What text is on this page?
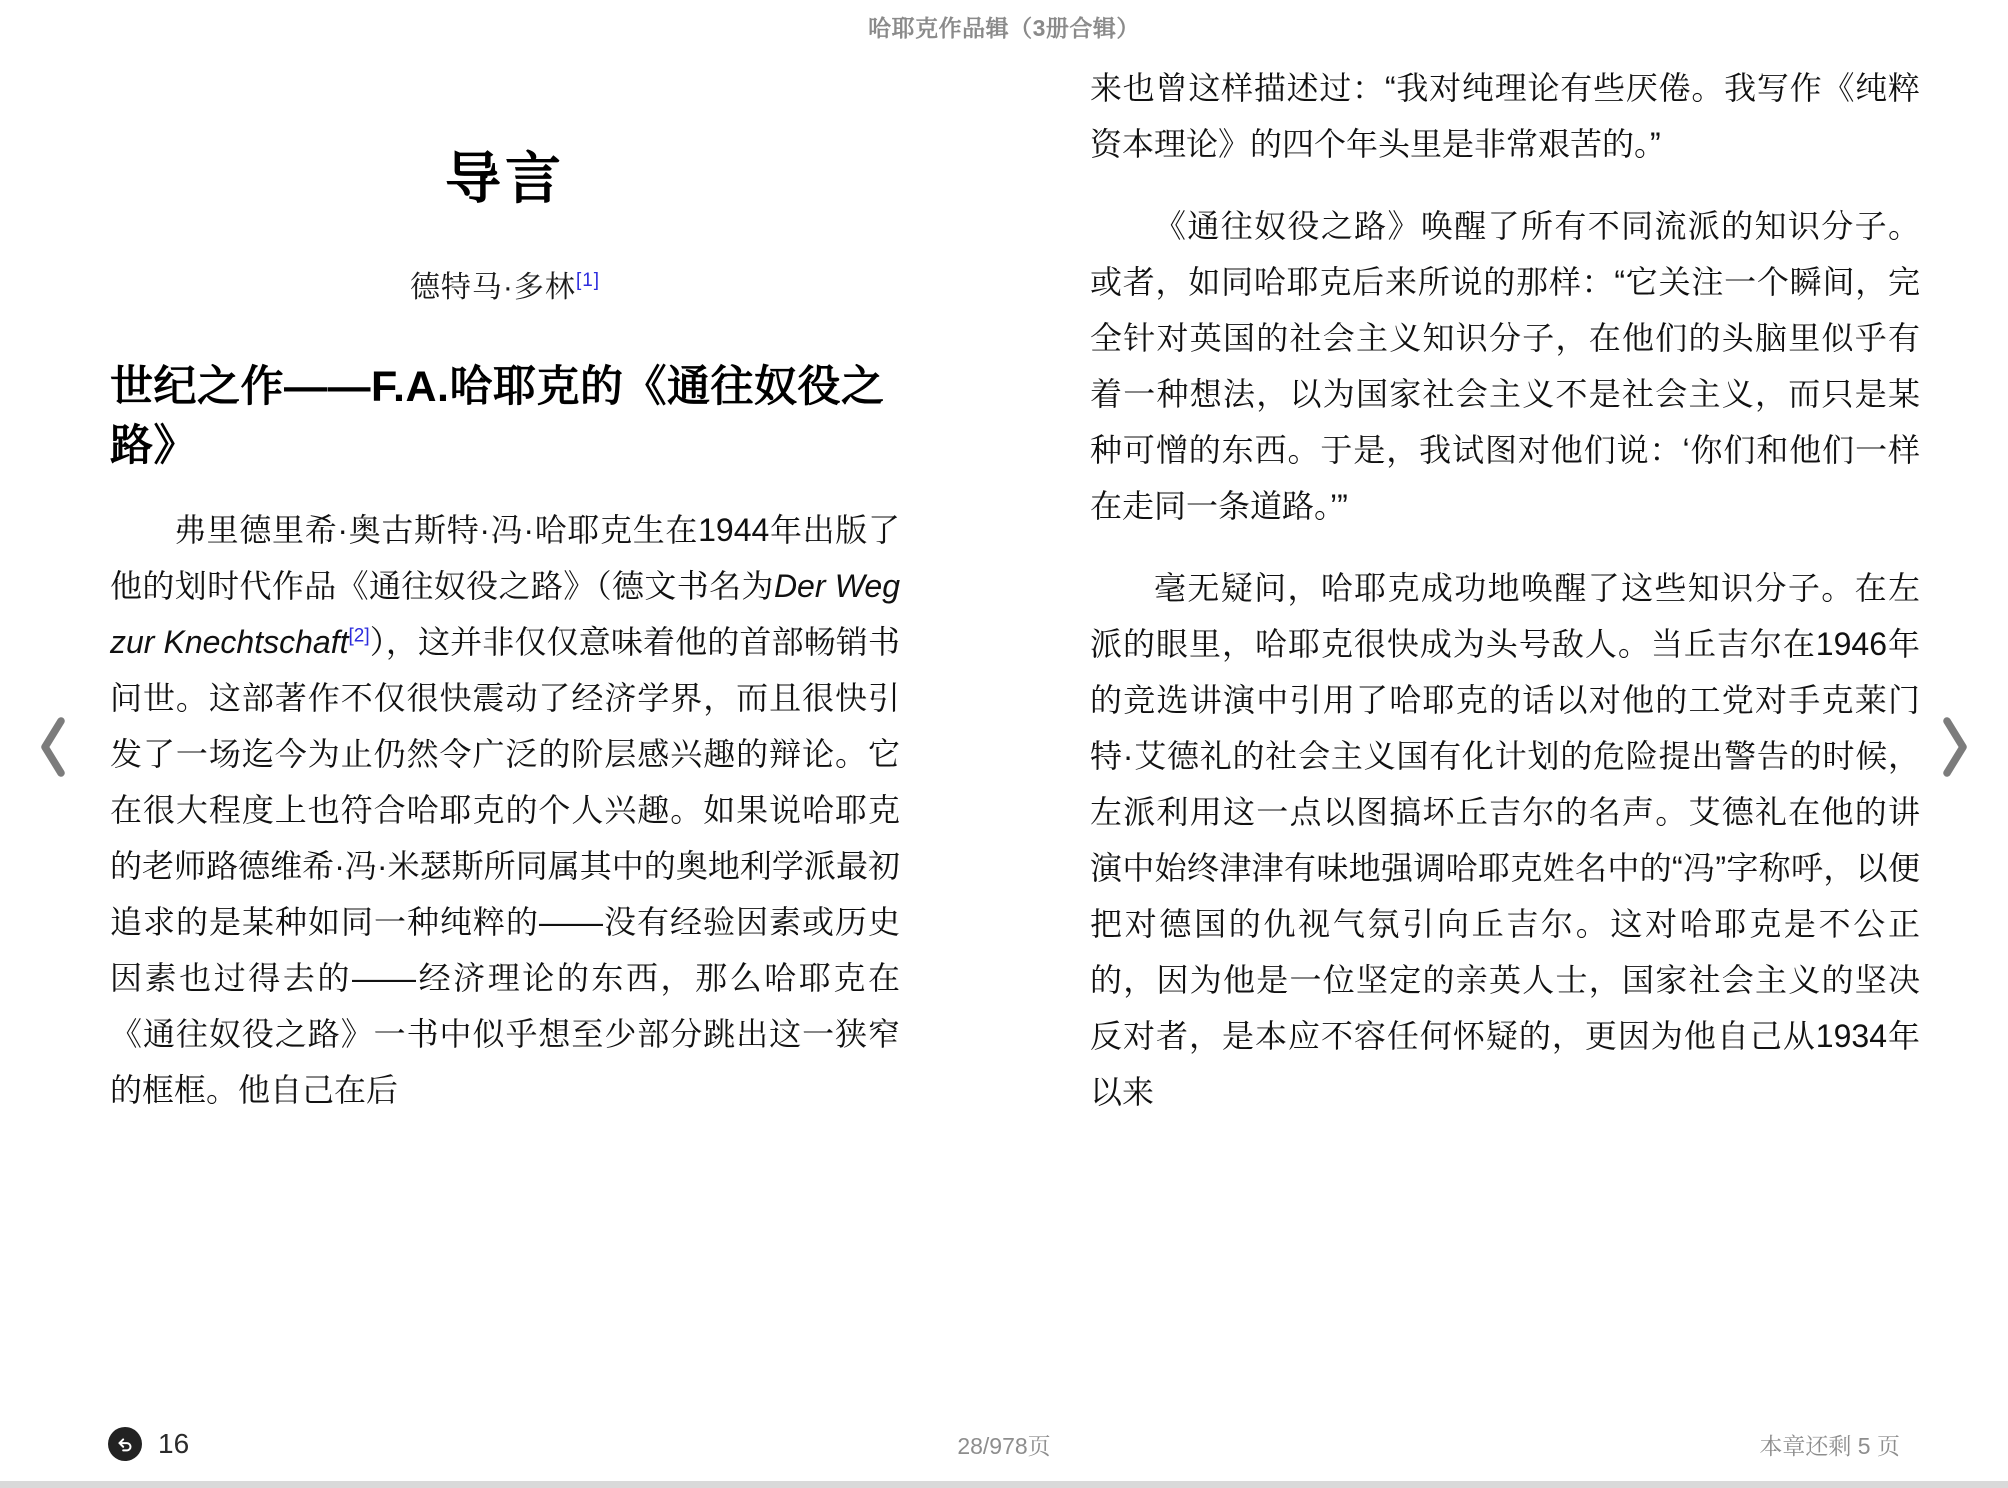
哈耶克作品辑（3册合辑）
导言
德特马·多林[1]
世纪之作——F.A.哈耶克的《通往奴役之路》

弗里德里希·奥古斯特·冯·哈耶克生在1944年出版了他的划时代作品《通往奴役之路》（德文书名为Der Weg zur Knechtschaft[2]），这并非仅仅意味着他的首部畅销书问世。这部著作不仅很快震动了经济学界，而且很快引发了一场迄今为止仍然令广泛的阶层感兴趣的辩论。它在很大程度上也符合哈耶克的个人兴趣。如果说哈耶克的老师路德维希·冯·米瑟斯所同属其中的奥地利学派最初追求的是某种如同一种纯粹的——没有经验因素或历史因素也过得去的——经济理论的东西，那么哈耶克在《通往奴役之路》一书中似乎想至少部分跳出这一狭窄的框框。他自己在后

来也曾这样描述过：“我对纯理论有些厌倦。我写作《纯粹资本理论》的四个年头里是非常艰苦的。”

《通往奴役之路》唤醒了所有不同流派的知识分子。或者，如同哈耶克后来所说的那样：“它关注一个瞬间，完全针对英国的社会主义知识分子，在他们的头脑里似乎有着一种想法，以为国家社会主义不是社会主义，而只是某种可憎的东西。于是，我试图对他们说：‘你们和他们一样在走同一条道路。’”

毫无疑问，哈耶克成功地唤醒了这些知识分子。在左派的眼里，哈耶克很快成为头号敌人。当丘吉尔在1946年的竞选讲演中引用了哈耶克的话以对他的工党对手克莱门特·艾德礼的社会主义国有化计划的危险提出警告的时候，左派利用这一点以图搞坏丘吉尔的名声。艾德礼在他的讲演中始终津津有味地强调哈耶克姓名中的“冯”字称呼，以便把对德国的仇视气氛引向丘吉尔。这对哈耶克是不公正的，因为他是一位坚定的亲英人士，国家社会主义的坚决反对者，是本应不容任何怀疑的，更因为他自己从1934年以来

16	28/978页	本章还剩 5 页
